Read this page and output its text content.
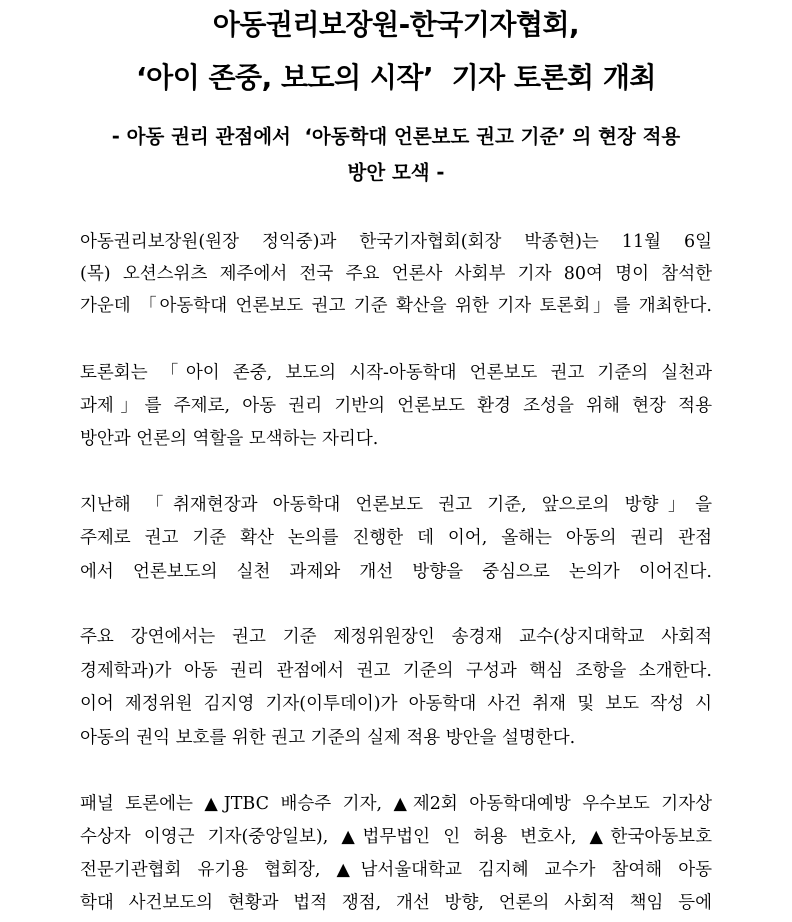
아동권리보장원-한국기자협회,
‘아이 존중, 보도의 시작’  기자 토론회 개최
- 아동 권리 관점에서  ‘아동학대 언론보도 권고 기준’ 의 현장 적용
방안 모색 -
아동권리보장원(원장 정익중)과 한국기자협회(회장 박종현)는 11월 6일
(목) 오션스위츠 제주에서 전국 주요 언론사 사회부 기자 80여 명이 참석한
가운데 「아동학대 언론보도 권고 기준 확산을 위한 기자 토론회」를 개최한다.
토론회는 「아이 존중, 보도의 시작-아동학대 언론보도 권고 기준의 실천과
과제」를 주제로, 아동 권리 기반의 언론보도 환경 조성을 위해 현장 적용
방안과 언론의 역할을 모색하는 자리다.
지난해 「취재현장과 아동학대 언론보도 권고 기준, 앞으로의 방향」을
주제로 권고 기준 확산 논의를 진행한 데 이어, 올해는 아동의 권리 관점
에서 언론보도의 실천 과제와 개선 방향을 중심으로 논의가 이어진다.
주요 강연에서는 권고 기준 제정위원장인 송경재 교수(상지대학교 사회적
경제학과)가 아동 권리 관점에서 권고 기준의 구성과 핵심 조항을 소개한다.
이어 제정위원 김지영 기자(이투데이)가 아동학대 사건 취재 및 보도 작성 시
아동의 권익 보호를 위한 권고 기준의 실제 적용 방안을 설명한다.
패널 토론에는 ▲JTBC 배승주 기자, ▲제2회 아동학대예방 우수보도 기자상
수상자 이영근 기자(중앙일보), ▲법무법인 인 허용 변호사, ▲한국아동보호
전문기관협회 유기용 협회장, ▲남서울대학교 김지혜 교수가 참여해 아동
학대 사건보도의 현황과 법적 쟁점, 개선 방향, 언론의 사회적 책임 등에
